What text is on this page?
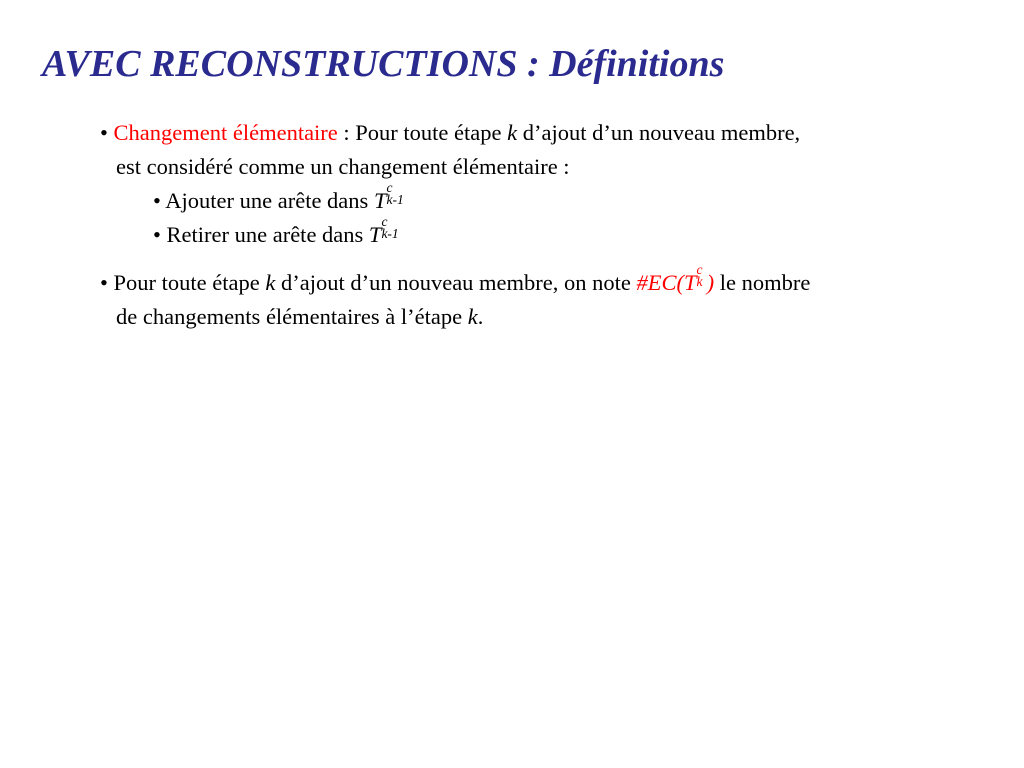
AVEC RECONSTRUCTIONS : Définitions
• Changement élémentaire : Pour toute étape k d’ajout d’un nouveau membre,
est considéré comme un changement élémentaire :
• Ajouter une arête dans T
c
k-1
• Retirer une arête dans T
c
k-1
• Pour toute étape k d’ajout d’un nouveau membre, on note #EC(T
c
k ) le nombre
de changements élémentaires à l’étape k.
